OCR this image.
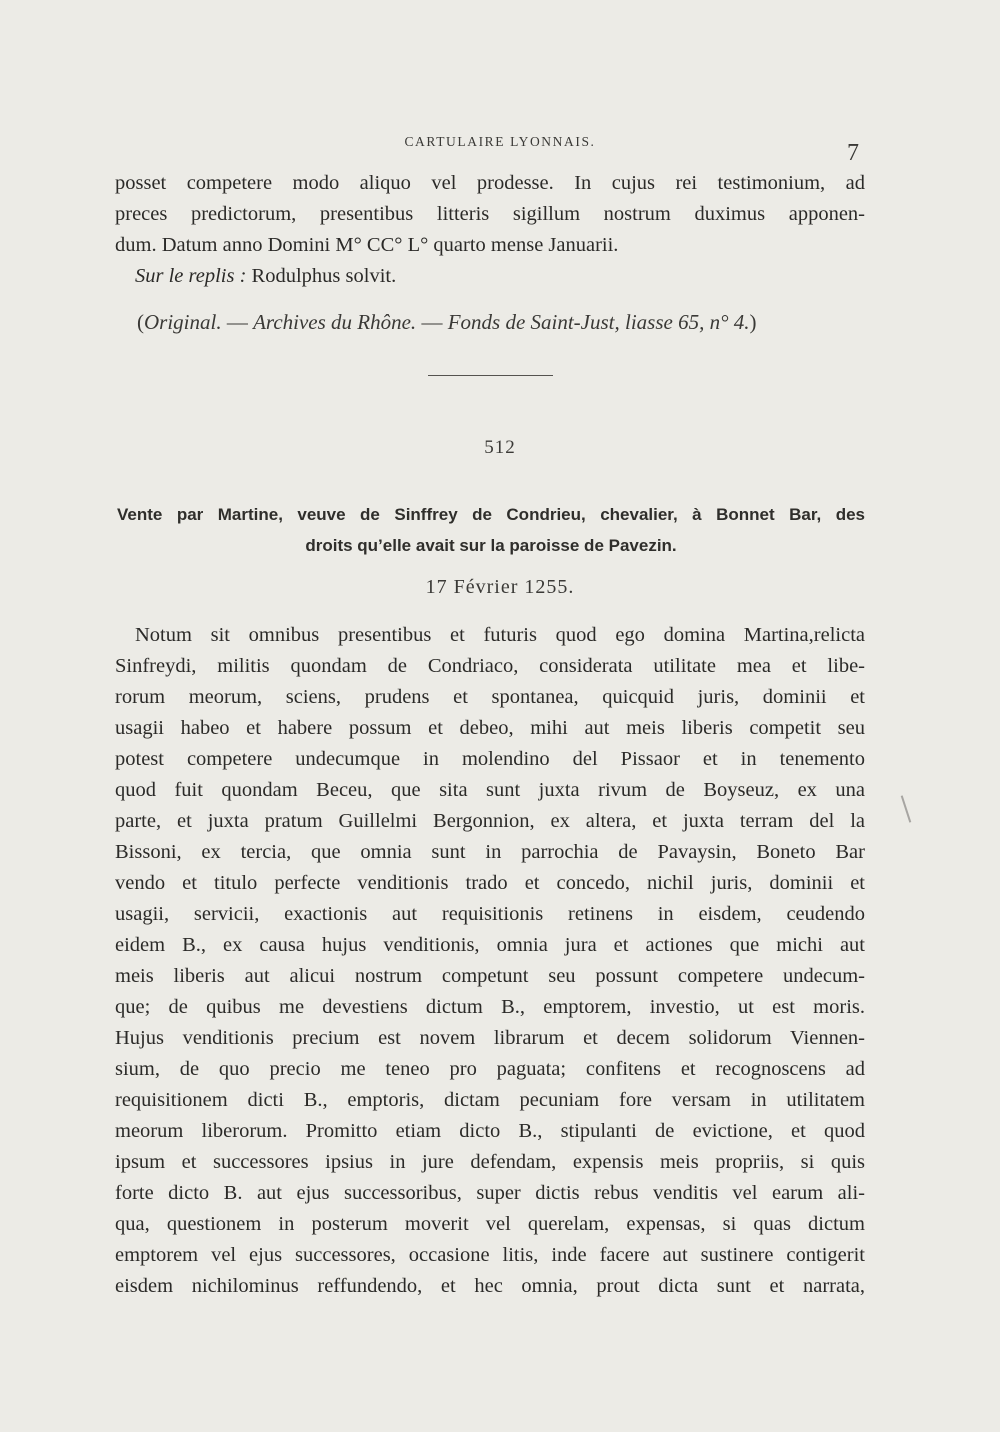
CARTULAIRE LYONNAIS.	7
posset competere modo aliquo vel prodesse. In cujus rei testimonium, ad
preces predictorum, presentibus litteris sigillum nostrum duximus apponen-
dum. Datum anno Domini M° CC° L° quarto mense Januarii.
Sur le replis : Rodulphus solvit.
(Original. — Archives du Rhône. — Fonds de Saint-Just, liasse 65, n° 4.)
512
Vente par Martine, veuve de Sinffrey de Condrieu, chevalier, à Bonnet Bar, des
droits qu’elle avait sur la paroisse de Pavezin.
17 Février 1255.
Notum sit omnibus presentibus et futuris quod ego domina Martina,relicta
Sinfreydi, militis quondam de Condriaco, considerata utilitate mea et libe-
rorum meorum, sciens, prudens et spontanea, quicquid juris, dominii et
usagii habeo et habere possum et debeo, mihi aut meis liberis competit seu
potest competere undecumque in molendino del Pissaor et in tenemento
quod fuit quondam Beceu, que sita sunt juxta rivum de Boyseuz, ex una
parte, et juxta pratum Guillelmi Bergonnion, ex altera, et juxta terram del la
Bissoni, ex tercia, que omnia sunt in parrochia de Pavaysin, Boneto Bar
vendo et titulo perfecte venditionis trado et concedo, nichil juris, dominii et
usagii, servicii, exactionis aut requisitionis retinens in eisdem, ceudendo
eidem B., ex causa hujus venditionis, omnia jura et actiones que michi aut
meis liberis aut alicui nostrum competunt seu possunt competere undecum-
que; de quibus me devestiens dictum B., emptorem, investio, ut est moris.
Hujus venditionis precium est novem librarum et decem solidorum Viennen-
sium, de quo precio me teneo pro paguata; confitens et recognoscens ad
requisitionem dicti B., emptoris, dictam pecuniam fore versam in utilitatem
meorum liberorum. Promitto etiam dicto B., stipulanti de evictione, et quod
ipsum et successores ipsius in jure defendam, expensis meis propriis, si quis
forte dicto B. aut ejus successoribus, super dictis rebus venditis vel earum ali-
qua, questionem in posterum moverit vel querelam, expensas, si quas dictum
emptorem vel ejus successores, occasione litis, inde facere aut sustinere contigerit
eisdem nichilominus reffundendo, et hec omnia, prout dicta sunt et narrata,
